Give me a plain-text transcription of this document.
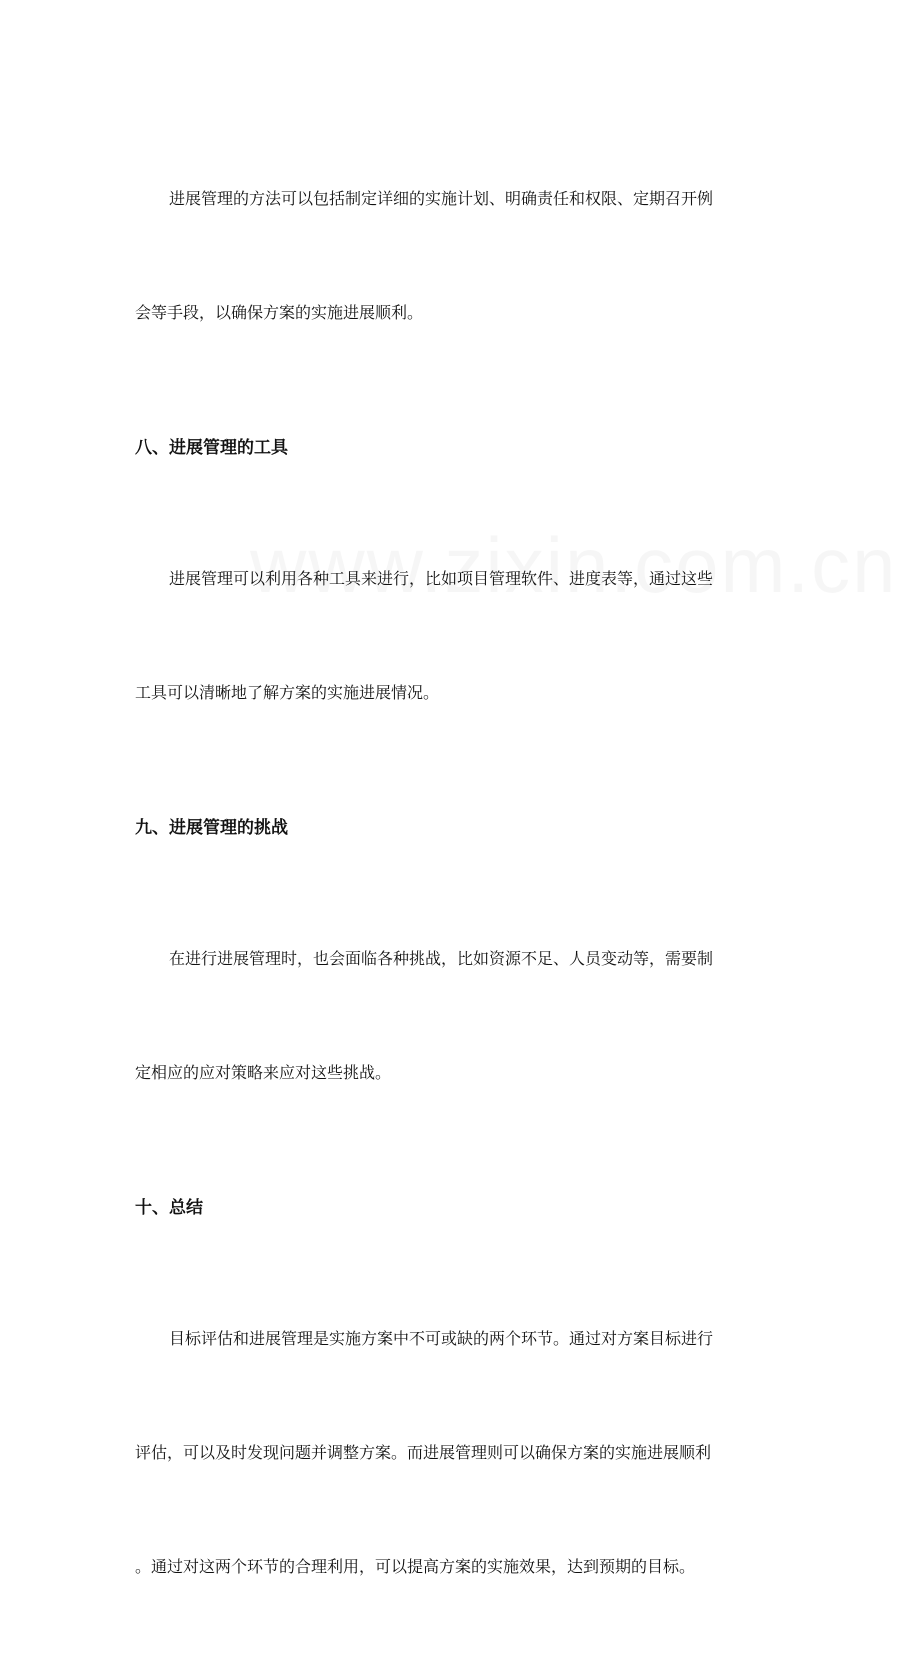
进展管理的方法可以包括制定详细的实施计划、明确责任和权限、定期召开例

会等手段，以确保方案的实施进展顺利。

八、进展管理的工具

进展管理可以利用各种工具来进行，比如项目管理软件、进度表等，通过这些

工具可以清晰地了解方案的实施进展情况。

九、进展管理的挑战

在进行进展管理时，也会面临各种挑战，比如资源不足、人员变动等，需要制

定相应的应对策略来应对这些挑战。

十、总结

目标评估和进展管理是实施方案中不可或缺的两个环节。通过对方案目标进行

评估，可以及时发现问题并调整方案。而进展管理则可以确保方案的实施进展顺利

。通过对这两个环节的合理利用，可以提高方案的实施效果，达到预期的目标。
